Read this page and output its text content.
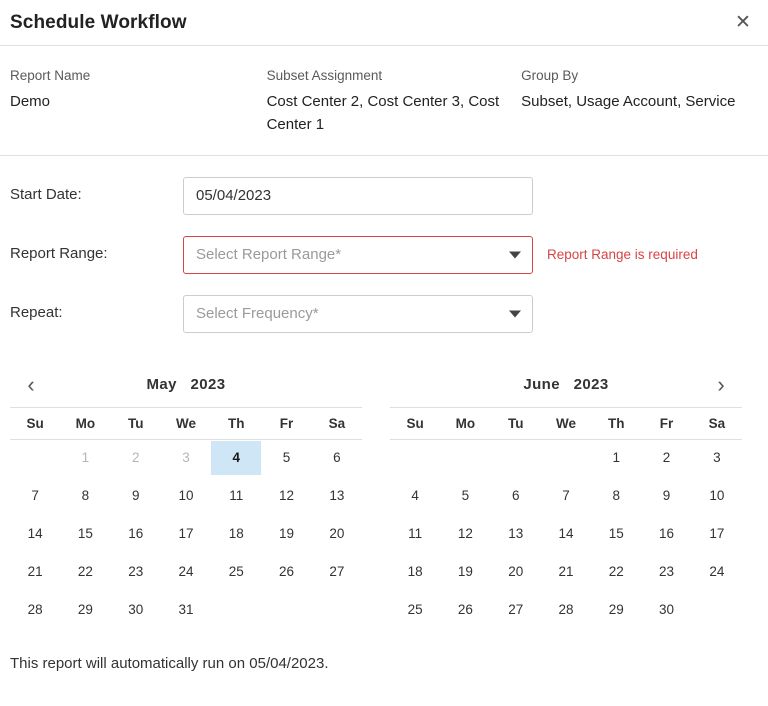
Schedule Workflow	✕
Report Name
Demo
Subset Assignment
Cost Center 2, Cost Center 3, Cost Center 1
Group By
Subset, Usage Account, Service
Start Date:
05/04/2023
Report Range:	Select Report Range*	Report Range is required
Repeat:	Select Frequency*
‹	May 2023
Su	Mo	Tu	We	Th	Fr	Sa

	1	2	3	4	5	6

7	8	9	10	11	12	13

14	15	16	17	18	19	20

21	22	23	24	25	26	27

28	29	30	31			

June 2023	›
Su	Mo	Tu	We	Th	Fr	Sa

				1	2	3

4	5	6	7	8	9	10

11	12	13	14	15	16	17

18	19	20	21	22	23	24

25	26	27	28	29	30	

This report will automatically run on 05/04/2023.
